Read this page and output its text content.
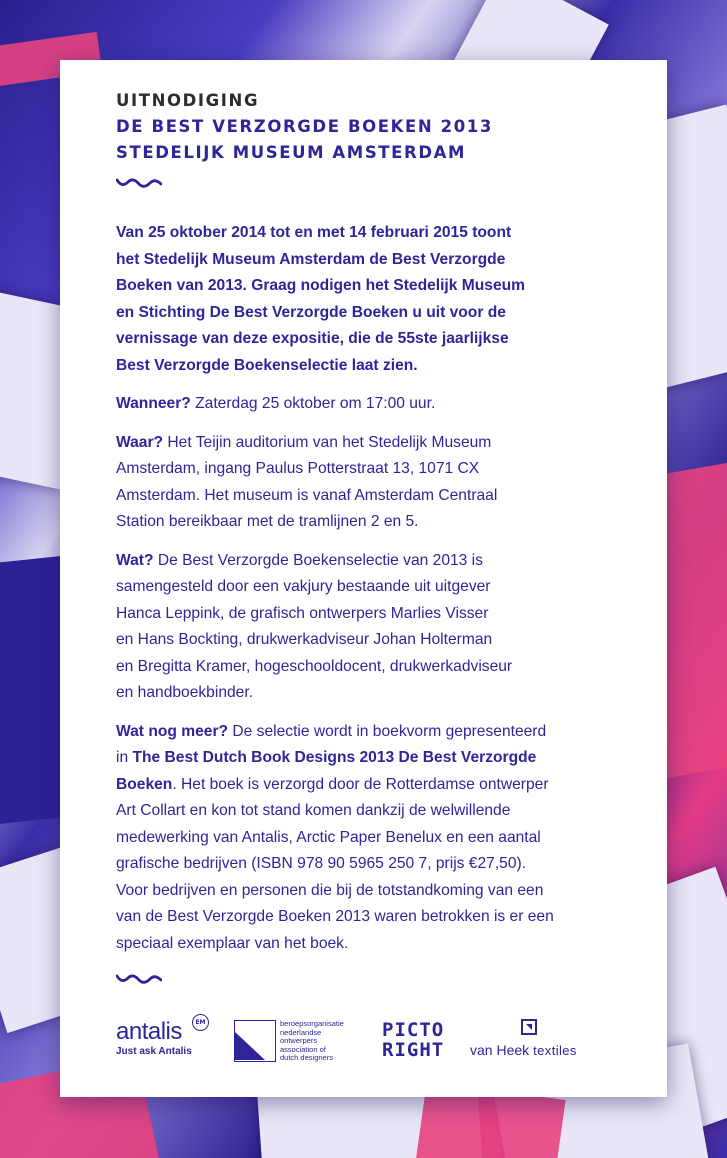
UITNODIGING
DE BEST VERZORGDE BOEKEN 2013
STEDELIJK MUSEUM AMSTERDAM

Van 25 oktober 2014 tot en met 14 februari 2015 toont
het Stedelijk Museum Amsterdam de Best Verzorgde
Boeken van 2013. Graag nodigen het Stedelijk Museum
en Stichting De Best Verzorgde Boeken u uit voor de
vernissage van deze expositie, die de 55ste jaarlijkse
Best Verzorgde Boekenselectie laat zien.

Wanneer? Zaterdag 25 oktober om 17:00 uur.

Waar? Het Teijin auditorium van het Stedelijk Museum
Amsterdam, ingang Paulus Potterstraat 13, 1071 CX
Amsterdam. Het museum is vanaf Amsterdam Centraal
Station bereikbaar met de tramlijnen 2 en 5.

Wat? De Best Verzorgde Boekenselectie van 2013 is
samengesteld door een vakjury bestaande uit uitgever
Hanca Leppink, de grafisch ontwerpers Marlies Visser
en Hans Bockting, drukwerkadviseur Johan Holterman
en Bregitta Kramer, hogeschooldocent, drukwerkadviseur
en handboekbinder.

Wat nog meer? De selectie wordt in boekvorm gepresenteerd
in The Best Dutch Book Designs 2013 De Best Verzorgde
Boeken. Het boek is verzorgd door de Rotterdamse ontwerper
Art Collart en kon tot stand komen dankzij de welwillende
medewerking van Antalis, Arctic Paper Benelux en een aantal
grafische bedrijven (ISBN 978 90 5965 250 7, prijs €27,50).
Voor bedrijven en personen die bij de totstandkoming van een
van de Best Verzorgde Boeken 2013 waren betrokken is er een
speciaal exemplaar van het boek.

antalis	EM
Just ask Antalis	bno
beroepsorganisatie
nederlandse
ontwerpers
association of
dutch designers
PICTO
RIGHT	van Heek textiles
